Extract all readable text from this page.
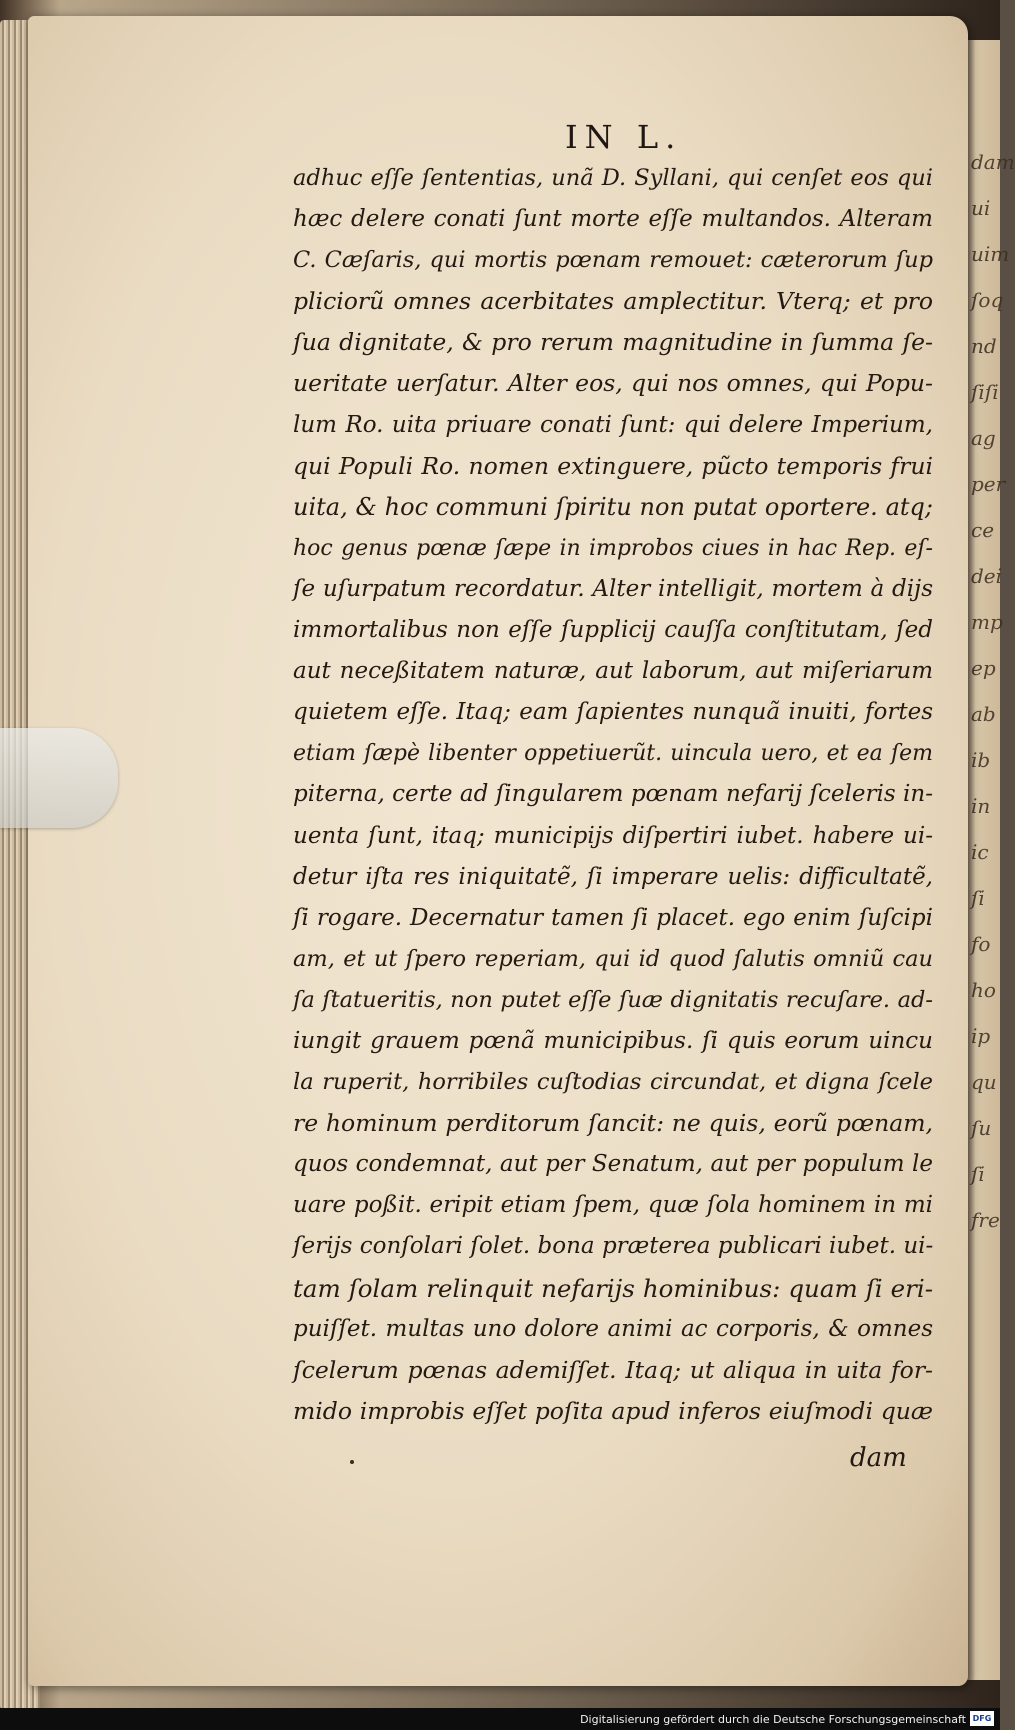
dam
ui
uim
ſoq
nd
ſiſi
ag
per
ce
dei
mp
ep
ab
ib
in
ic
ſi
fo
ho
ip
qu
ſu
ſi
fre
IN L.
adhuc eſſe ſententias, unã D. Syllani, qui cenſet eos qui
hæc delere conati ſunt morte eſſe multandos. Alteram
C. Cæſaris, qui mortis pœnam remouet: cæterorum ſup
pliciorũ omnes acerbitates amplectitur. Vterq; et pro
ſua dignitate, & pro rerum magnitudine in ſumma ſe-
ueritate uerſatur. Alter eos, qui nos omnes, qui Popu-
lum Ro. uita priuare conati ſunt: qui delere Imperium,
qui Populi Ro. nomen extinguere, pũcto temporis frui
uita, & hoc communi ſpiritu non putat oportere. atq;
hoc genus pœnæ ſæpe in improbos ciues in hac Rep. eſ-
ſe uſurpatum recordatur. Alter intelligit, mortem à dijs
immortalibus non eſſe ſupplicij cauſſa conſtitutam, ſed
aut neceßitatem naturæ, aut laborum, aut miſeriarum
quietem eſſe. Itaq; eam ſapientes nunquã inuiti, fortes
etiam ſæpè libenter oppetiuerũt. uincula uero, et ea ſem
piterna, certe ad ſingularem pœnam nefarij ſceleris in-
uenta ſunt, itaq; municipijs diſpertiri iubet. habere ui-
detur iſta res iniquitatẽ, ſi imperare uelis: difficultatẽ,
ſi rogare. Decernatur tamen ſi placet. ego enim ſuſcipi
am, et ut ſpero reperiam, qui id quod ſalutis omniũ cau
ſa ſtatueritis, non putet eſſe ſuæ dignitatis recuſare. ad-
iungit grauem pœnã municipibus. ſi quis eorum uincu
la ruperit, horribiles cuſtodias circundat, et digna ſcele
re hominum perditorum ſancit: ne quis, eorũ pœnam,
quos condemnat, aut per Senatum, aut per populum le
uare poßit. eripit etiam ſpem, quæ ſola hominem in mi
ſerijs conſolari ſolet. bona præterea publicari iubet. ui-
tam ſolam relinquit nefarijs hominibus: quam ſi eri-
puiſſet. multas uno dolore animi ac corporis, & omnes
ſcelerum pœnas ademiſſet. Itaq; ut aliqua in uita for-
mido improbis eſſet poſita apud inferos eiuſmodi quæ
dam
Digitalisierung gefördert durch die Deutsche Forschungsgemeinschaft DFG
